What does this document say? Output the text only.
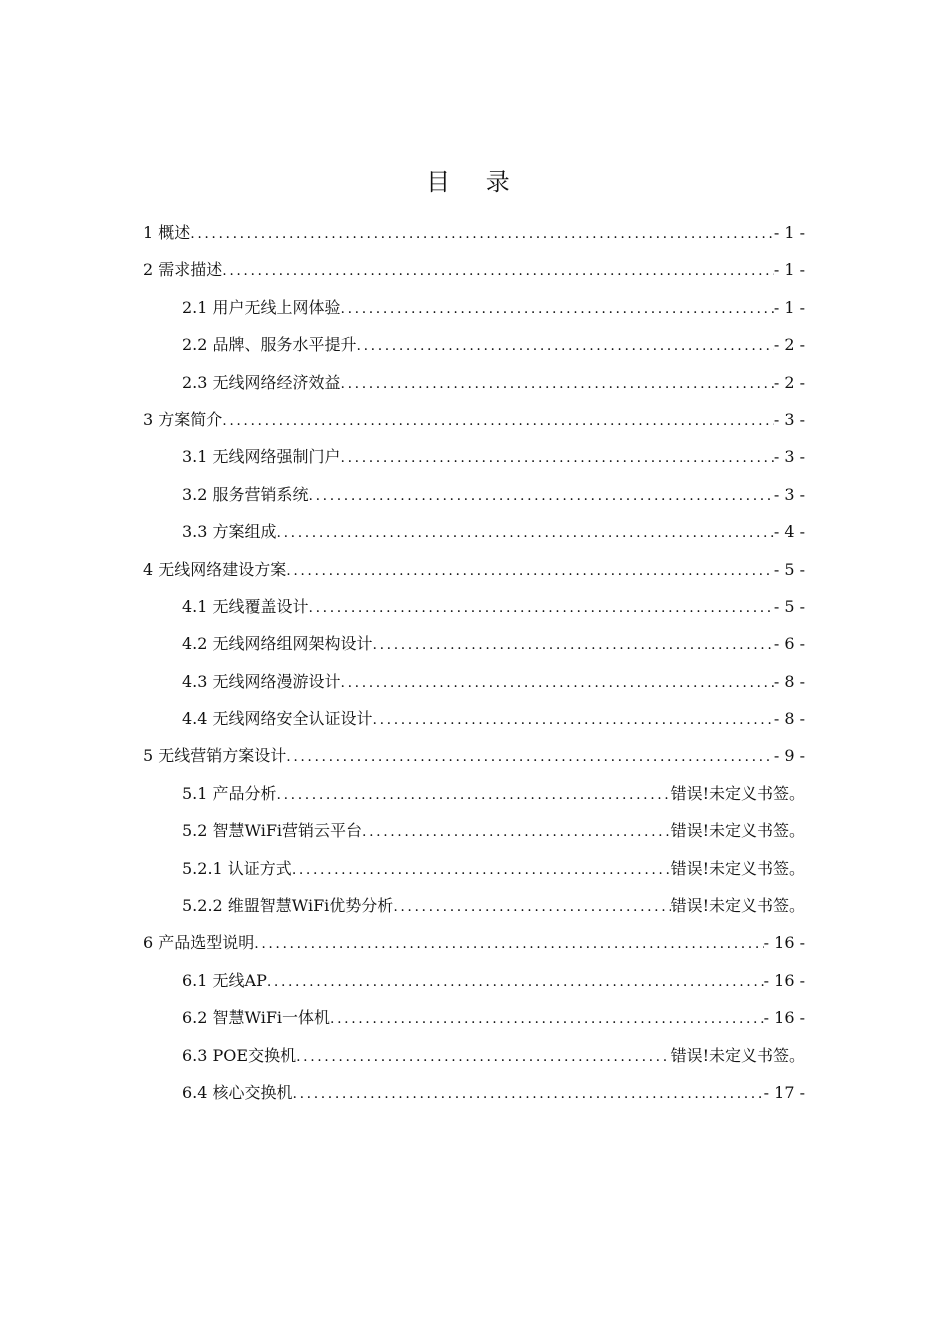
目 录
1 概述 .....	- 1 -
2 需求描述 .....	- 1 -
2.1 用户无线上网体验 .....	- 1 -
2.2 品牌、服务水平提升 .....	- 2 -
2.3 无线网络经济效益 .....	- 2 -
3 方案简介 .....	- 3 -
3.1 无线网络强制门户 .....	- 3 -
3.2 服务营销系统 .....	- 3 -
3.3 方案组成 .....	- 4 -
4 无线网络建设方案 .....	- 5 -
4.1 无线覆盖设计 .....	- 5 -
4.2 无线网络组网架构设计 .....	- 6 -
4.3 无线网络漫游设计 .....	- 8 -
4.4 无线网络安全认证设计 .....	- 8 -
5 无线营销方案设计 .....	- 9 -
5.1 产品分析 .....	错误!未定义书签。
5.2 智慧WiFi营销云平台 .....	错误!未定义书签。
5.2.1 认证方式 .....	错误!未定义书签。
5.2.2 维盟智慧WiFi优势分析 .....	错误!未定义书签。
6 产品选型说明 .....	- 16 -
6.1 无线AP .....	- 16 -
6.2 智慧WiFi一体机 .....	- 16 -
6.3 POE交换机 .....	错误!未定义书签。
6.4 核心交换机 .....	- 17 -
